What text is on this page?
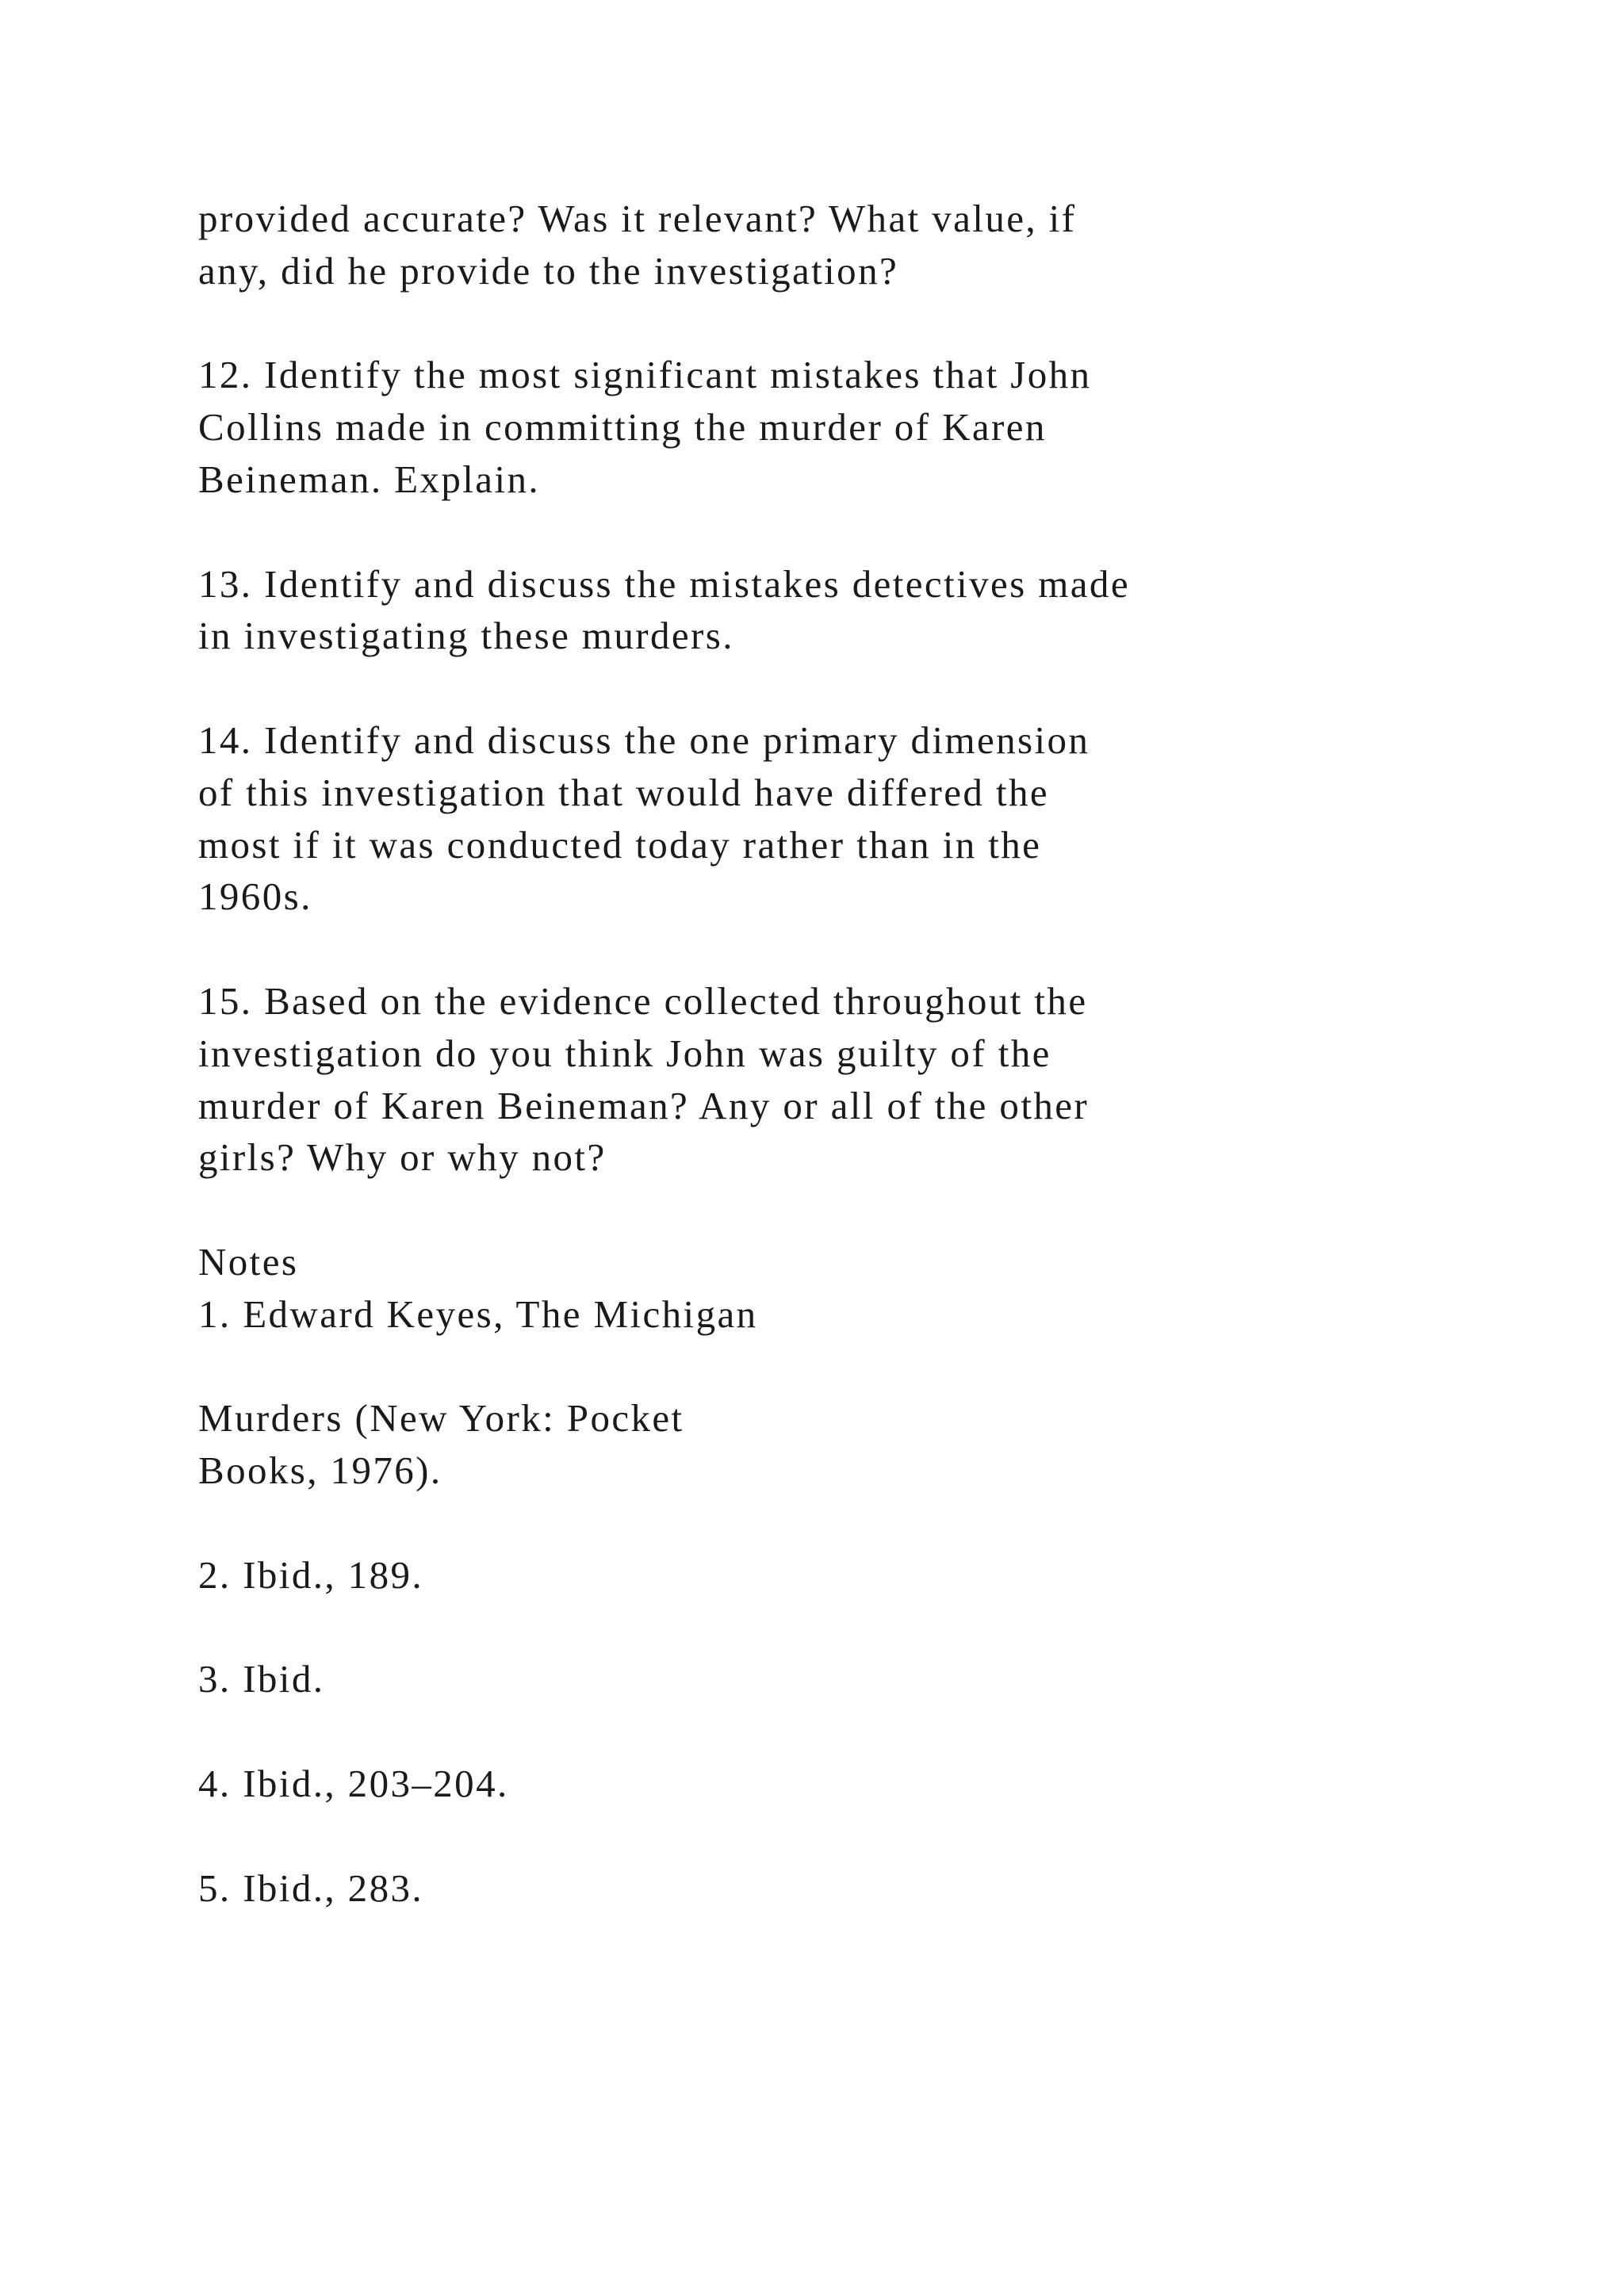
provided accurate? Was it relevant? What value, if
any, did he provide to the investigation?
12. Identify the most significant mistakes that John
Collins made in committing the murder of Karen
Beineman. Explain.
13. Identify and discuss the mistakes detectives made
in investigating these murders.
14. Identify and discuss the one primary dimension
of this investigation that would have differed the
most if it was conducted today rather than in the
1960s.
15. Based on the evidence collected throughout the
investigation do you think John was guilty of the
murder of Karen Beineman? Any or all of the other
girls? Why or why not?
Notes
1. Edward Keyes, The Michigan
Murders (New York: Pocket
Books, 1976).
2. Ibid., 189.
3. Ibid.
4. Ibid., 203–204.
5. Ibid., 283.
